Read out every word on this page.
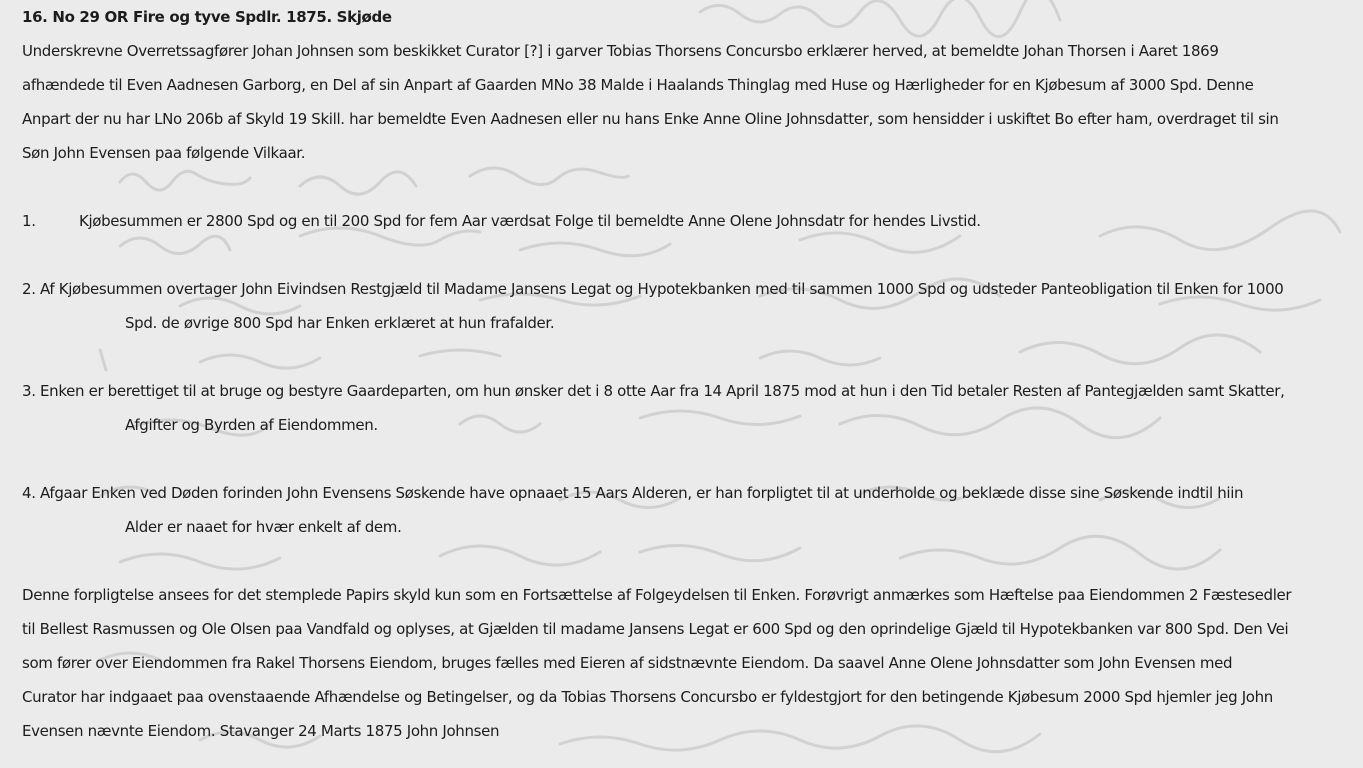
16. No 29 OR Fire og tyve Spdlr. 1875. Skjøde
Underskrevne Overretssagfører Johan Johnsen som beskikket Curator [?] i garver Tobias Thorsens Concursbo erklærer herved, at bemeldte Johan Thorsen i Aaret 1869
afhændede til Even Aadnesen Garborg, en Del af sin Anpart af Gaarden MNo 38 Malde i Haalands Thinglag med Huse og Hærligheder for en Kjøbesum af 3000 Spd. Denne
Anpart der nu har LNo 206b af Skyld 19 Skill. har bemeldte Even Aadnesen eller nu hans Enke Anne Oline Johnsdatter, som hensidder i uskiftet Bo efter ham, overdraget til sin
Søn John Evensen paa følgende Vilkaar.
1.	Kjøbesummen er 2800 Spd og en til 200 Spd for fem Aar værdsat Folge til bemeldte Anne Olene Johnsdatr for hendes Livstid.
2. Af Kjøbesummen overtager John Eivindsen Restgjæld til Madame Jansens Legat og Hypotekbanken med til sammen 1000 Spd og udsteder Panteobligation til Enken for 1000
Spd. de øvrige 800 Spd har Enken erklæret at hun frafalder.
3. Enken er berettiget til at bruge og bestyre Gaardeparten, om hun ønsker det i 8 otte Aar fra 14 April 1875 mod at hun i den Tid betaler Resten af Pantegjælden samt Skatter,
Afgifter og Byrden af Eiendommen.
4. Afgaar Enken ved Døden forinden John Evensens Søskende have opnaaet 15 Aars Alderen, er han forpligtet til at underholde og beklæde disse sine Søskende indtil hiin
Alder er naaet for hvær enkelt af dem.
Denne forpligtelse ansees for det stemplede Papirs skyld kun som en Fortsættelse af Folgeydelsen til Enken. Forøvrigt anmærkes som Hæftelse paa Eiendommen 2 Fæstesedler
til Bellest Rasmussen og Ole Olsen paa Vandfald og oplyses, at Gjælden til madame Jansens Legat er 600 Spd og den oprindelige Gjæld til Hypotekbanken var 800 Spd. Den Vei
som fører over Eiendommen fra Rakel Thorsens Eiendom, bruges fælles med Eieren af sidstnævnte Eiendom. Da saavel Anne Olene Johnsdatter som John Evensen med
Curator har indgaaet paa ovenstaaende Afhændelse og Betingelser, og da Tobias Thorsens Concursbo er fyldestgjort for den betingende Kjøbesum 2000 Spd hjemler jeg John
Evensen nævnte Eiendom. Stavanger 24 Marts 1875 John Johnsen
